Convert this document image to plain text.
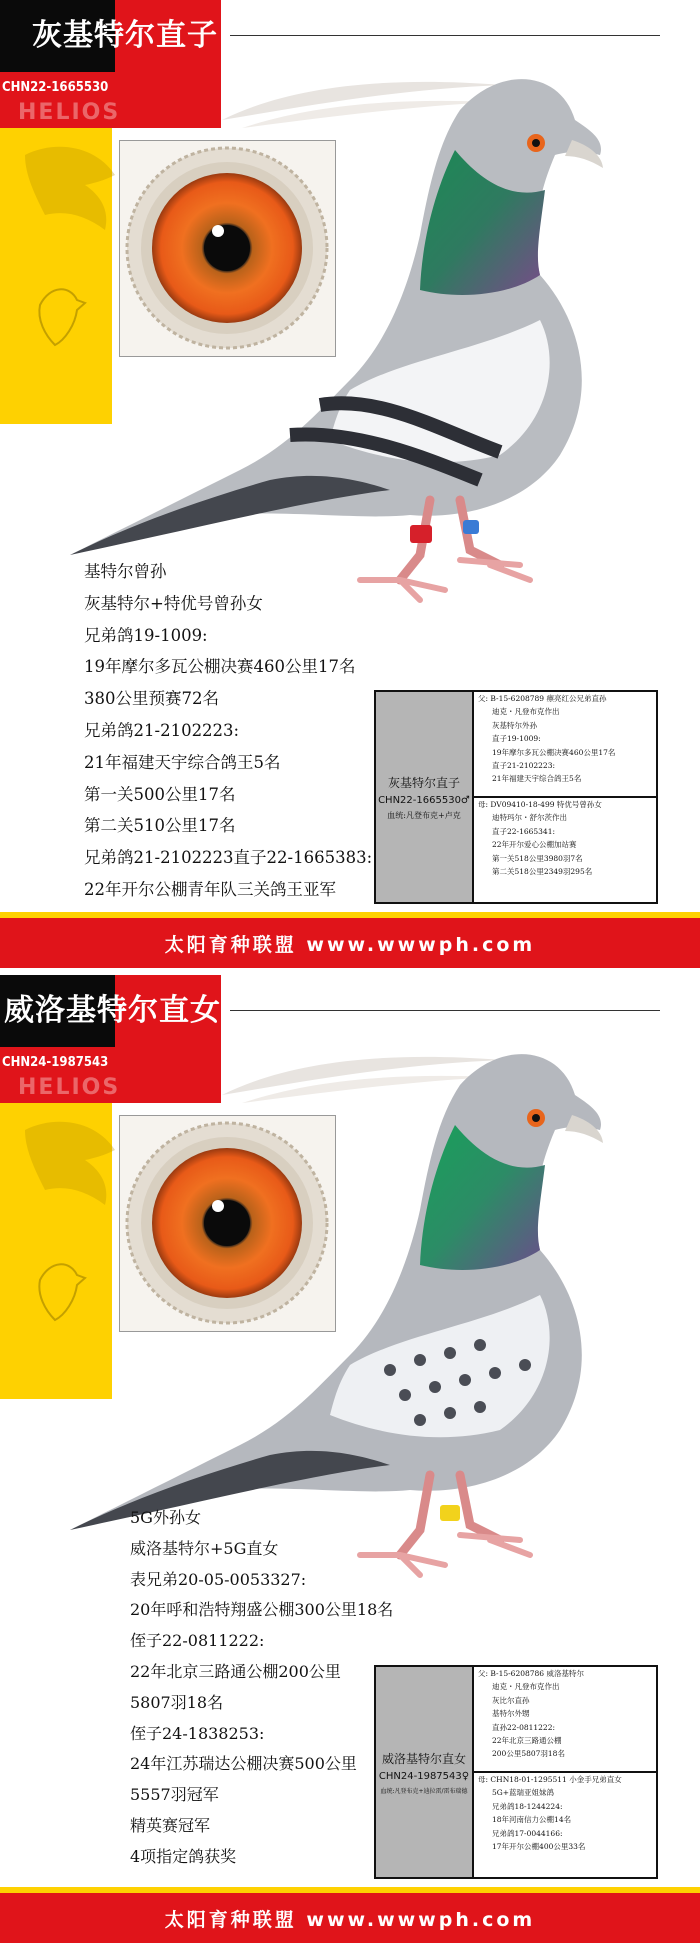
灰基特尔直子
CHN22-1665530
HELIOS
基特尔曾孙
灰基特尔+特优号曾孙女
兄弟鸽19-1009:
19年摩尔多瓦公棚决赛460公里17名
380公里预赛72名
兄弟鸽21-2102223:
21年福建天宇综合鸽王5名
第一关500公里17名
第二关510公里17名
兄弟鸽21-2102223直子22-1665383:
22年开尔公棚青年队三关鸽王亚军
灰基特尔直子
CHN22-1665530♂
血统:凡登布克+卢克

父: B-15-6208789 瘭亮红公兄弟直孙

迪克・凡登布克作出

灰基特尔外孙

直子19-1009:

19年摩尔多瓦公棚决赛460公里17名

直子21-2102223:

21年福建天宇综合鸽王5名

母: DV09410-18-499 特优号曾孙女

迪特玛尔・舒尔茨作出

直子22-1665341:

22年开尔爱心公棚加站赛

第一关518公里3980羽7名

第二关518公里2349羽295名

太阳育种联盟 www.wwwph.com
威洛基特尔直女
CHN24-1987543
HELIOS
5G外孙女
威洛基特尔+5G直女
表兄弟20-05-0053327:
20年呼和浩特翔盛公棚300公里18名
侄子22-0811222:
22年北京三路通公棚200公里
5807羽18名
侄子24-1838253:
24年江苏瑞达公棚决赛500公里
5557羽冠军
精英赛冠军
4项指定鸽获奖
威洛基特尔直女
CHN24-1987543♀
血统:凡登布克+迪拉雷/雷布瑞德

父: B-15-6208786 威洛基特尔

迪克・凡登布克作出

灰比尔直孙

基特尔外甥

直孙22-0811222:

22年北京三路通公棚

200公里5807羽18名

母: CHN18-01-1295511 小金手兄弟直女

5G+蓝瑞亚姐妹鸽

兄弟鸽18-1244224:

18年河南信力公棚14名

兄弟鸽17-0044166:

17年开尔公棚400公里33名

太阳育种联盟 www.wwwph.com
